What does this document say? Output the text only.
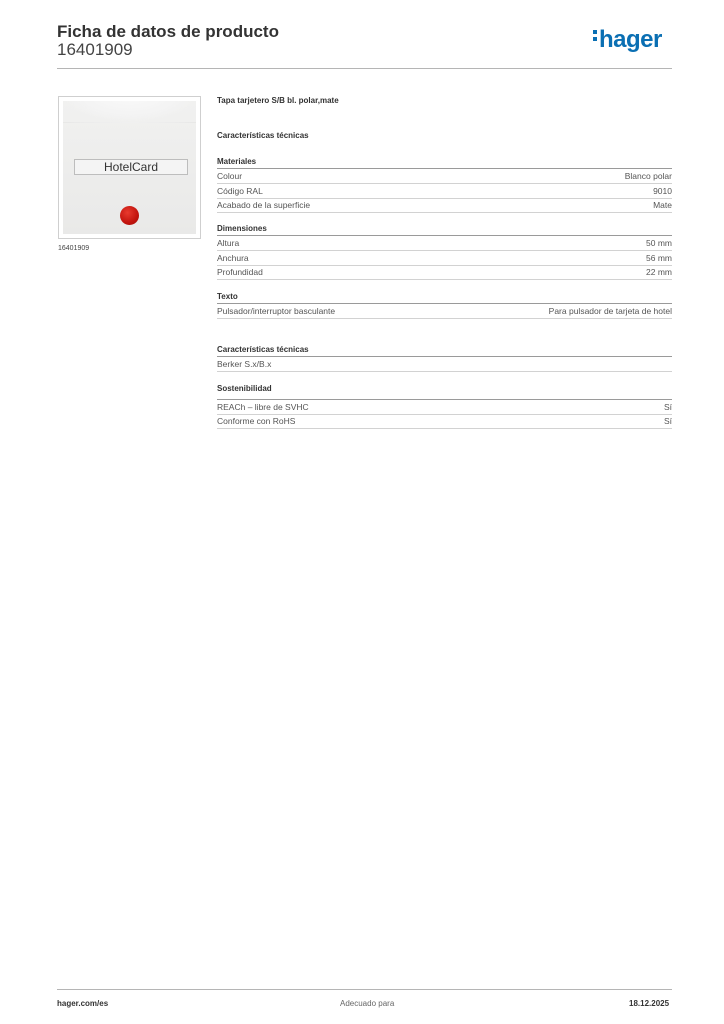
Ficha de datos de producto
16401909	hager
HotelCard
16401909
Tapa tarjetero S/B bl. polar,mate
Características técnicas
Materiales
Colour	Blanco polar
Código RAL	9010
Acabado de la superficie	Mate
Dimensiones
Altura	50 mm
Anchura	56 mm
Profundidad	22 mm
Texto
Pulsador/interruptor basculante	Para pulsador de tarjeta de hotel
Características técnicas
Berker S.x/B.x
Sostenibilidad
REACh – libre de SVHC	Sí
Conforme con RoHS	Sí
hager.com/es	Adecuado para	18.12.2025
